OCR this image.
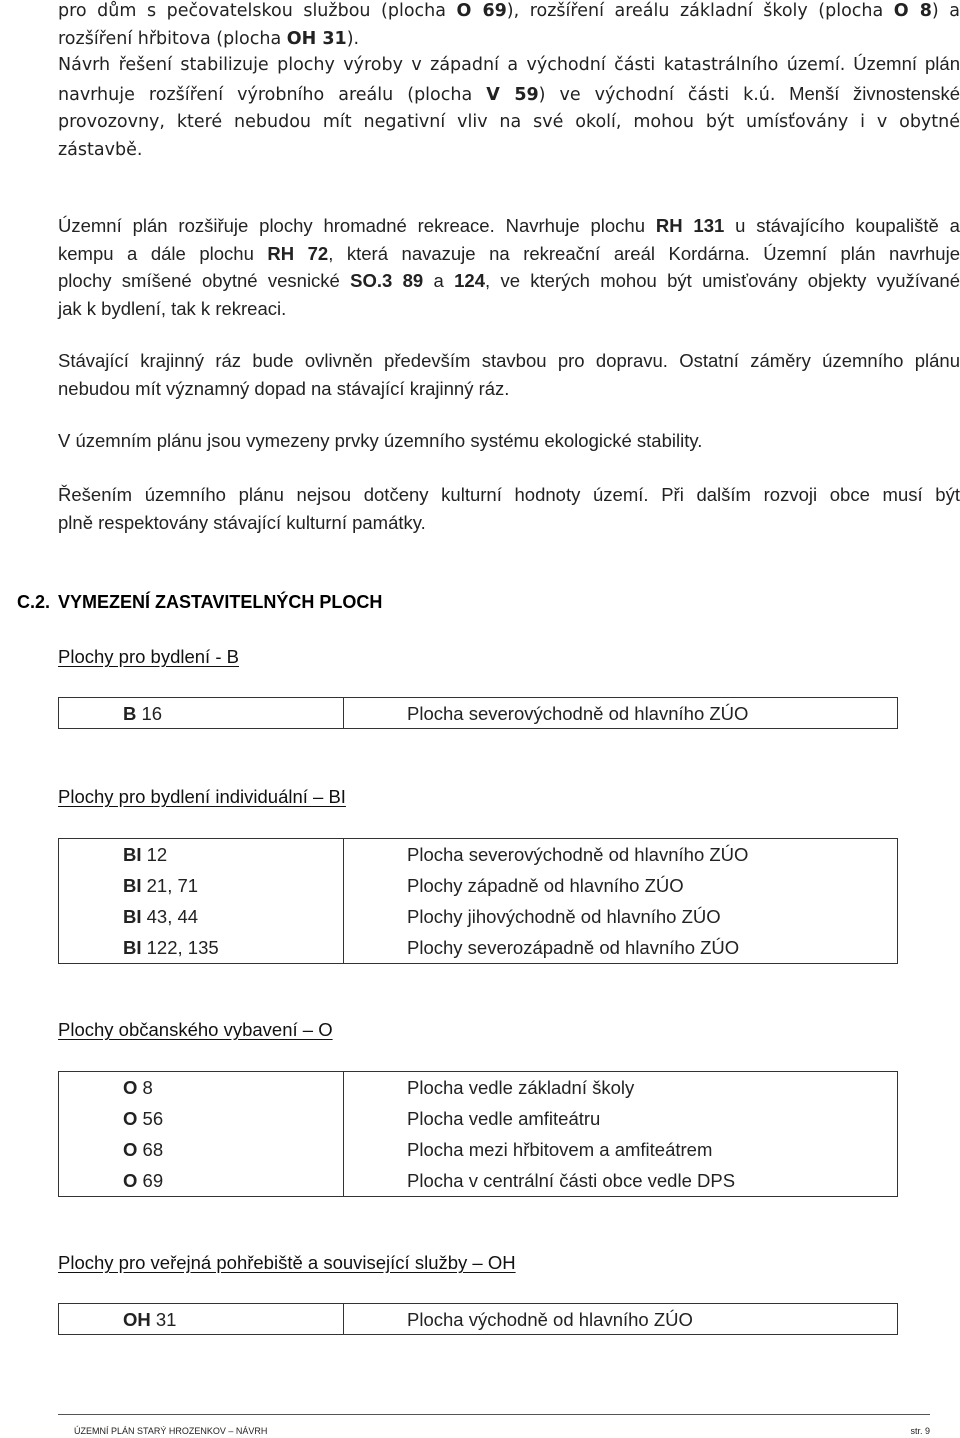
pro dům s pečovatelskou službou (plocha O 69), rozšíření areálu základní školy (plocha O 8) a
rozšíření hřbitova (plocha OH 31).
Návrh řešení stabilizuje plochy výroby v západní a východní části katastrálního území. Územní plán
navrhuje rozšíření výrobního areálu (plocha V 59) ve východní části k.ú. Menší živnostenské
provozovny, které nebudou mít negativní vliv na své okolí, mohou být umísťovány i v obytné
zástavbě.
Územní plán rozšiřuje plochy hromadné rekreace. Navrhuje plochu RH 131 u stávajícího koupaliště a
kempu a dále plochu RH 72, která navazuje na rekreační areál Kordárna. Územní plán navrhuje
plochy smíšené obytné vesnické SO.3 89 a 124, ve kterých mohou být umisťovány objekty využívané
jak k bydlení, tak k rekreaci.
Stávající krajinný ráz bude ovlivněn především stavbou pro dopravu. Ostatní záměry územního plánu
nebudou mít významný dopad na stávající krajinný ráz.
V územním plánu jsou vymezeny prvky územního systému ekologické stability.
Řešením územního plánu nejsou dotčeny kulturní hodnoty území. Při dalším rozvoji obce musí být
plně respektovány stávající kulturní památky.
C.2. VYMEZENÍ ZASTAVITELNÝCH PLOCH
Plochy pro bydlení - B
B 16	Plocha severovýchodně od hlavního ZÚO
Plochy pro bydlení individuální – BI
BI 12	Plocha severovýchodně od hlavního ZÚO
BI 21, 71	Plochy západně od hlavního ZÚO
BI 43, 44	Plochy jihovýchodně od hlavního ZÚO
BI 122, 135	Plochy severozápadně od hlavního ZÚO
Plochy občanského vybavení – O
O 8	Plocha vedle základní školy
O 56	Plocha vedle amfiteátru
O 68	Plocha mezi hřbitovem a amfiteátrem
O 69	Plocha v centrální části obce vedle DPS
Plochy pro veřejná pohřebiště a související služby – OH
OH 31	Plocha východně od hlavního ZÚO
ÚZEMNÍ PLÁN STARÝ HROZENKOV – NÁVRH	str. 9
